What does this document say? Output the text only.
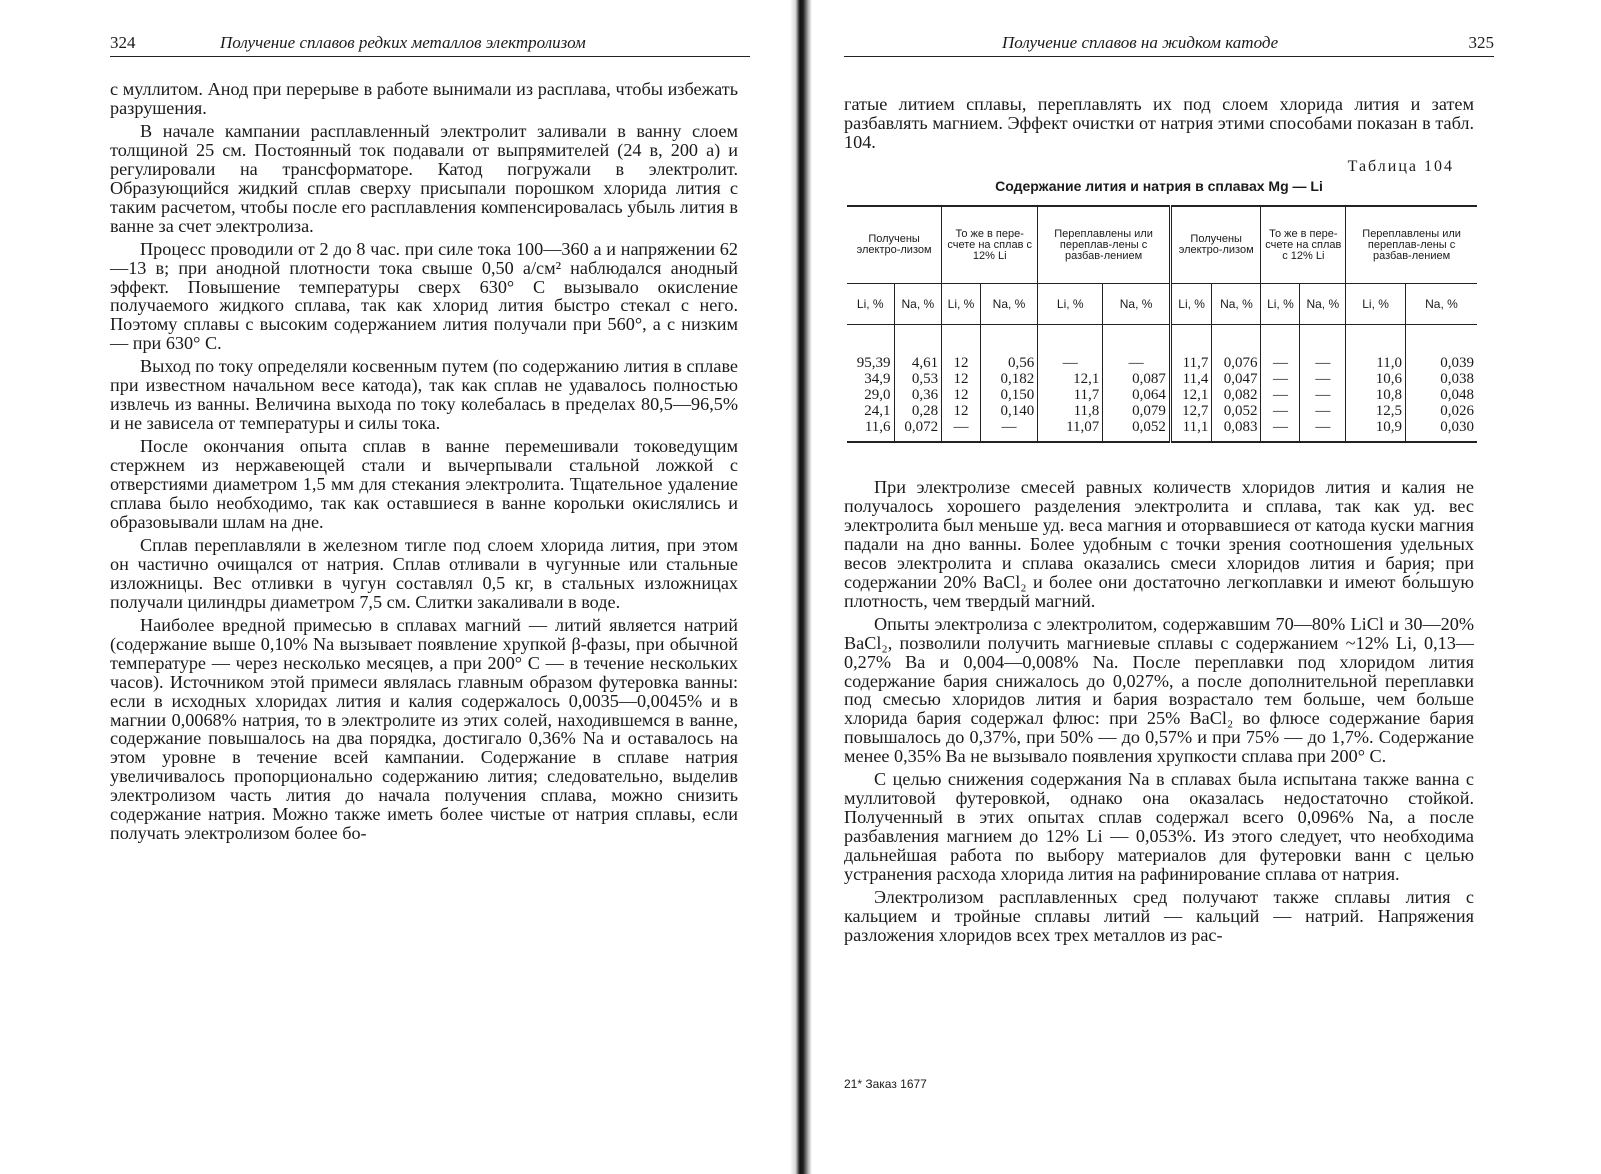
324	Получение сплавов редких металлов электролизом

с муллитом. Анод при перерыве в работе вынимали из расплава, чтобы избежать разрушения.

В начале кампании расплавленный электролит заливали в ванну слоем толщиной 25 см. Постоянный ток подавали от выпрямителей (24 в, 200 а) и регулировали на трансформаторе. Катод погружали в электролит. Образующийся жидкий сплав сверху присыпали порошком хлорида лития с таким расчетом, чтобы после его расплавления компенсировалась убыль лития в ванне за счет электролиза.

Процесс проводили от 2 до 8 час. при силе тока 100—360 а и напряжении 62—13 в; при анодной плотности тока свыше 0,50 а/см² наблюдался анодный эффект. Повышение температуры сверх 630° С вызывало окисление получаемого жидкого сплава, так как хлорид лития быстро стекал с него. Поэтому сплавы с высоким содержанием лития получали при 560°, а с низким — при 630° С.

Выход по току определяли косвенным путем (по содержанию лития в сплаве при известном начальном весе катода), так как сплав не удавалось полностью извлечь из ванны. Величина выхода по току колебалась в пределах 80,5—96,5% и не зависела от температуры и силы тока.

После окончания опыта сплав в ванне перемешивали токоведущим стержнем из нержавеющей стали и вычерпывали стальной ложкой с отверстиями диаметром 1,5 мм для стекания электролита. Тщательное удаление сплава было необходимо, так как оставшиеся в ванне корольки окислялись и образовывали шлам на дне.

Сплав переплавляли в железном тигле под слоем хлорида лития, при этом он частично очищался от натрия. Сплав отливали в чугунные или стальные изложницы. Вес отливки в чугун составлял 0,5 кг, в стальных изложницах получали цилиндры диаметром 7,5 см. Слитки закаливали в воде.

Наиболее вредной примесью в сплавах магний — литий является натрий (содержание выше 0,10% Na вызывает появление хрупкой β-фазы, при обычной температуре — через несколько месяцев, а при 200° С — в течение нескольких часов). Источником этой примеси являлась главным образом футеровка ванны: если в исходных хлоридах лития и калия содержалось 0,0035—0,0045% и в магнии 0,0068% натрия, то в электролите из этих солей, находившемся в ванне, содержание повышалось на два порядка, достигало 0,36% Na и оставалось на этом уровне в течение всей кампании. Содержание в сплаве натрия увеличивалось пропорционально содержанию лития; следовательно, выделив электролизом часть лития до начала получения сплава, можно снизить содержание натрия. Можно также иметь более чистые от натрия сплавы, если получать электролизом более бо-

Получение сплавов на жидком катоде	325

гатые литием сплавы, переплавлять их под слоем хлорида лития и затем разбавлять магнием. Эффект очистки от натрия этими способами показан в табл. 104.

Таблица 104
Содержание лития и натрия в сплавах Mg — Li
Получены электро-лизом		То же в пере-счете на сплав с 12% Li		Переплавлены или переплав-лены с разбав-лением		Получены электро-лизом		То же в пере-счете на сплав с 12% Li		Переплавлены или переплав-лены с разбав-лением	
Li, %	Na, %	Li, %	Na, %	Li, %	Na, %	Li, %	Na, %	Li, %	Na, %	Li, %	Na, %
95,39	4,61	12	0,56	—	—	11,7	0,076	—	—	11,0	0,039
34,9	0,53	12	0,182	12,1	0,087	11,4	0,047	—	—	10,6	0,038
29,0	0,36	12	0,150	11,7	0,064	12,1	0,082	—	—	10,8	0,048
24,1	0,28	12	0,140	11,8	0,079	12,7	0,052	—	—	12,5	0,026
11,6	0,072	—	—	11,07	0,052	11,1	0,083	—	—	10,9	0,030

При электролизе смесей равных количеств хлоридов лития и калия не получалось хорошего разделения электролита и сплава, так как уд. вес электролита был меньше уд. веса магния и оторвавшиеся от катода куски магния падали на дно ванны. Более удобным с точки зрения соотношения удельных весов электролита и сплава оказались смеси хлоридов лития и бария; при содержании 20% BaCl₂ и более они достаточно легкоплавки и имеют бо́льшую плотность, чем твердый магний.

Опыты электролиза с электролитом, содержавшим 70—80% LiCl и 30—20% BaCl₂, позволили получить магниевые сплавы с содержанием ~12% Li, 0,13—0,27% Ba и 0,004—0,008% Na. После переплавки под хлоридом лития содержание бария снижалось до 0,027%, а после дополнительной переплавки под смесью хлоридов лития и бария возрастало тем больше, чем больше хлорида бария содержал флюс: при 25% BaCl₂ во флюсе содержание бария повышалось до 0,37%, при 50% — до 0,57% и при 75% — до 1,7%. Содержание менее 0,35% Ba не вызывало появления хрупкости сплава при 200° С.

С целью снижения содержания Na в сплавах была испытана также ванна с муллитовой футеровкой, однако она оказалась недостаточно стойкой. Полученный в этих опытах сплав содержал всего 0,096% Na, а после разбавления магнием до 12% Li — 0,053%. Из этого следует, что необходима дальнейшая работа по выбору материалов для футеровки ванн с целью устранения расхода хлорида лития на рафинирование сплава от натрия.

Электролизом расплавленных сред получают также сплавы лития с кальцием и тройные сплавы литий — кальций — натрий. Напряжения разложения хлоридов всех трех металлов из рас-

21* Заказ 1677
